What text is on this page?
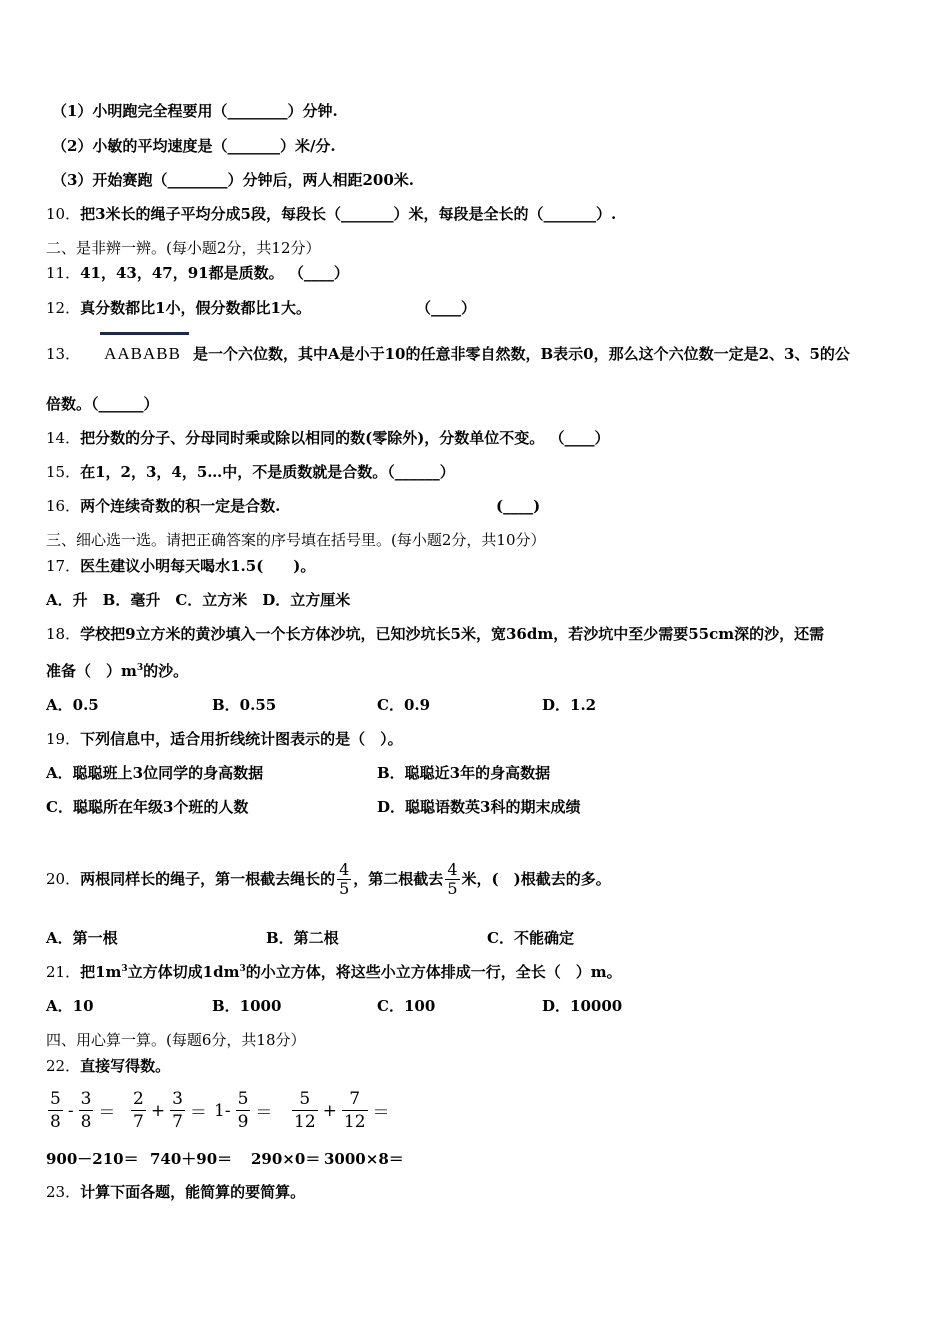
（1）小明跑完全程要用（________）分钟.
（2）小敏的平均速度是（_______）米/分.
（3）开始赛跑（________）分钟后，两人相距200米.
10．把3米长的绳子平均分成5段，每段长（_______）米，每段是全长的（_______）.
二、是非辨一辨。(每小题2分，共12分）
11．41，43，47，91都是质数。 （____）
12．真分数都比1小，假分数都比1大。	（____）
13． AABABB 是一个六位数，其中A是小于10的任意非零自然数，B表示0，那么这个六位数一定是2、3、5的公
倍数。（______）
14．把分数的分子、分母同时乘或除以相同的数(零除外)，分数单位不变。 （____）
15．在1，2，3，4，5…中，不是质数就是合数。（______）
16．两个连续奇数的积一定是合数.	(____)
三、细心选一选。请把正确答案的序号填在括号里。(每小题2分，共10分）
17．医生建议小明每天喝水1.5(　　)。
A．升　B．毫升　C．立方米　D．立方厘米
18．学校把9立方米的黄沙填入一个长方体沙坑，已知沙坑长5米，宽36dm，若沙坑中至少需要55cm深的沙，还需
准备（　）$m^3$的沙。
A．0.5	B．0.55	C．0.9	D．1.2
19．下列信息中，适合用折线统计图表示的是（　）。
A．聪聪班上3位同学的身高数据	B．聪聪近3年的身高数据
C．聪聪所在年级3个班的人数	D．聪聪语数英3科的期末成绩
20． 两根同样长的绳子，第一根截去绳长的 $\frac{4}{5}$ ，第二根截去 $\frac{4}{5}$ 米，(　)根截去的多。
A．第一根	B．第二根	C．不能确定
21．把$1m^3$立方体切成$1dm^3$的小立方体，将这些小立方体排成一行，全长（　）m。
A．10	B．1000	C．100	D．10000
四、用心算一算。(每题6分，共18分）
22．直接写得数。
$\frac{5}{8} - \frac{3}{8} = \frac{2}{7} + \frac{3}{7} = 1- \frac{5}{9} = \frac{5}{12} + \frac{7}{12}$ ＝
900－210＝ 740＋90＝ 290×0＝ 3000×8＝
23．计算下面各题，能简算的要简算。
